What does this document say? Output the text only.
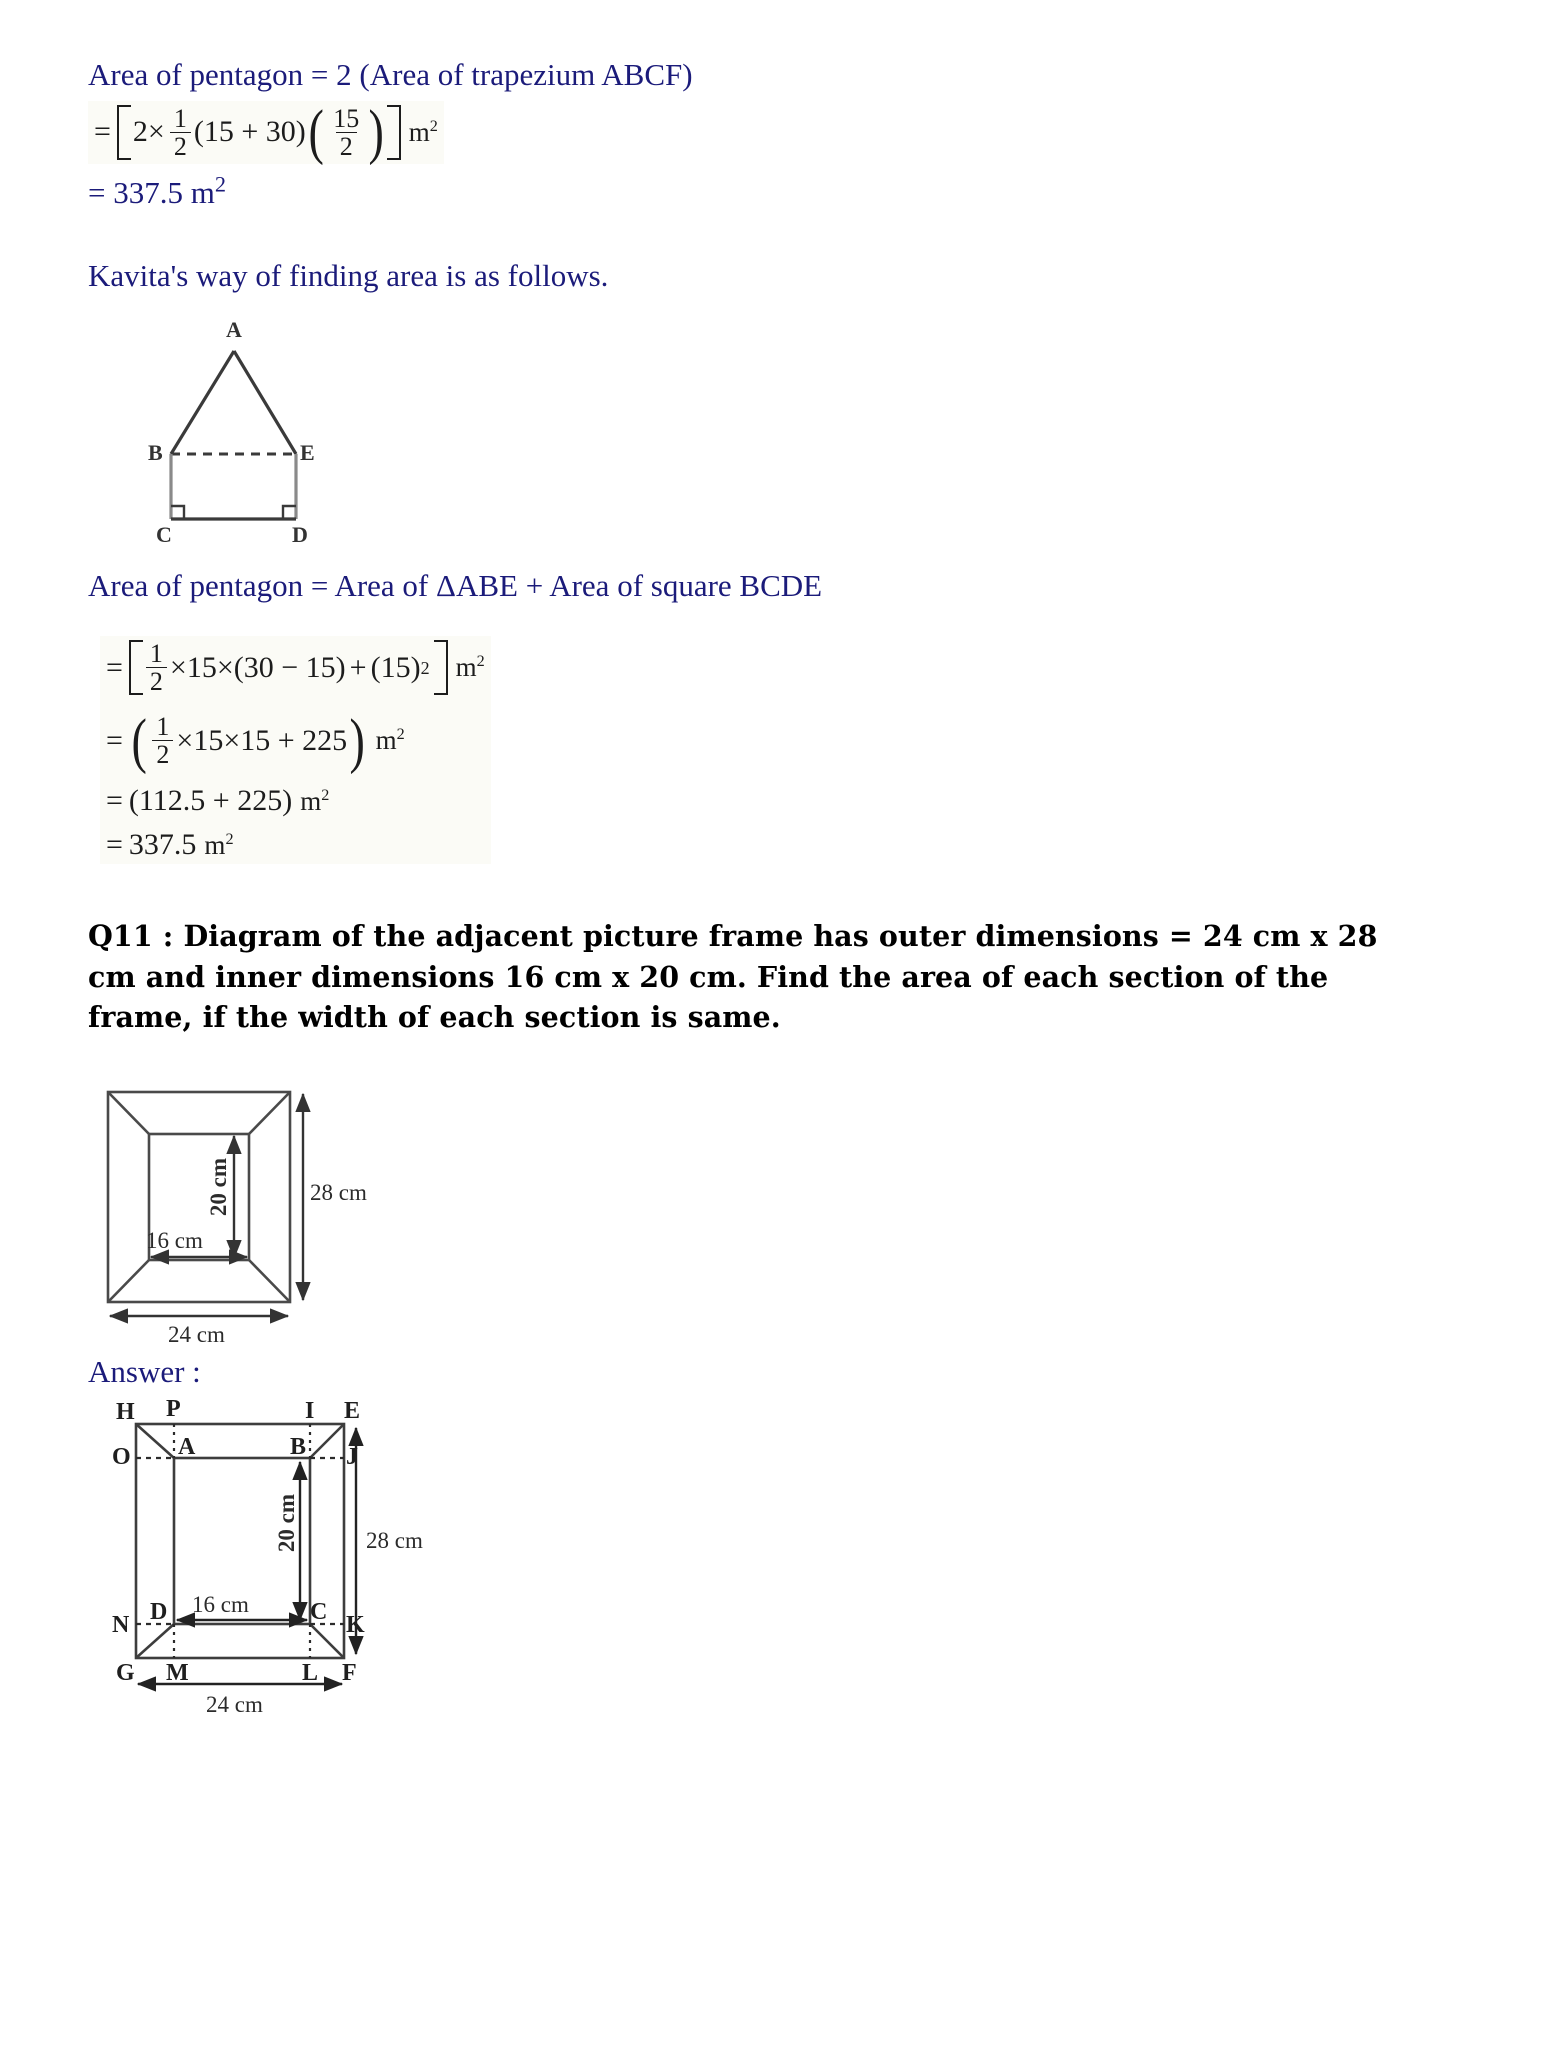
Area of pentagon = 2 (Area of trapezium ABCF)
= $2\times \frac{1}{2} (15 + 30)$ ( $\frac{15}{2}$ ) $m^2$
= 337.5 $m^2$
Kavita's way of finding area is as follows.
A
B	E
C	D
Area of pentagon = Area of ΔABE + Area of square BCDE
= $\frac{1}{2} \times 15\times (30 - 15) + (15)$ 2 $m^2$
= ( $\frac{1}{2} \times 15\times 15 + 225$ ) $m^2$
= (112.5 + 225) $m^2$
= 337.5 $m^2$
Q11 : Diagram of the adjacent picture frame has outer dimensions = 24 cm x 28 cm and inner dimensions 16 cm x 20 cm. Find the area of each section of the frame, if the width of each section is same.
20 cm	28 cm
16 cm
24 cm
Answer :
H P	I E
O A	B J
N D	C K
G M	L F
20 cm	28 cm
16 cm
24 cm
